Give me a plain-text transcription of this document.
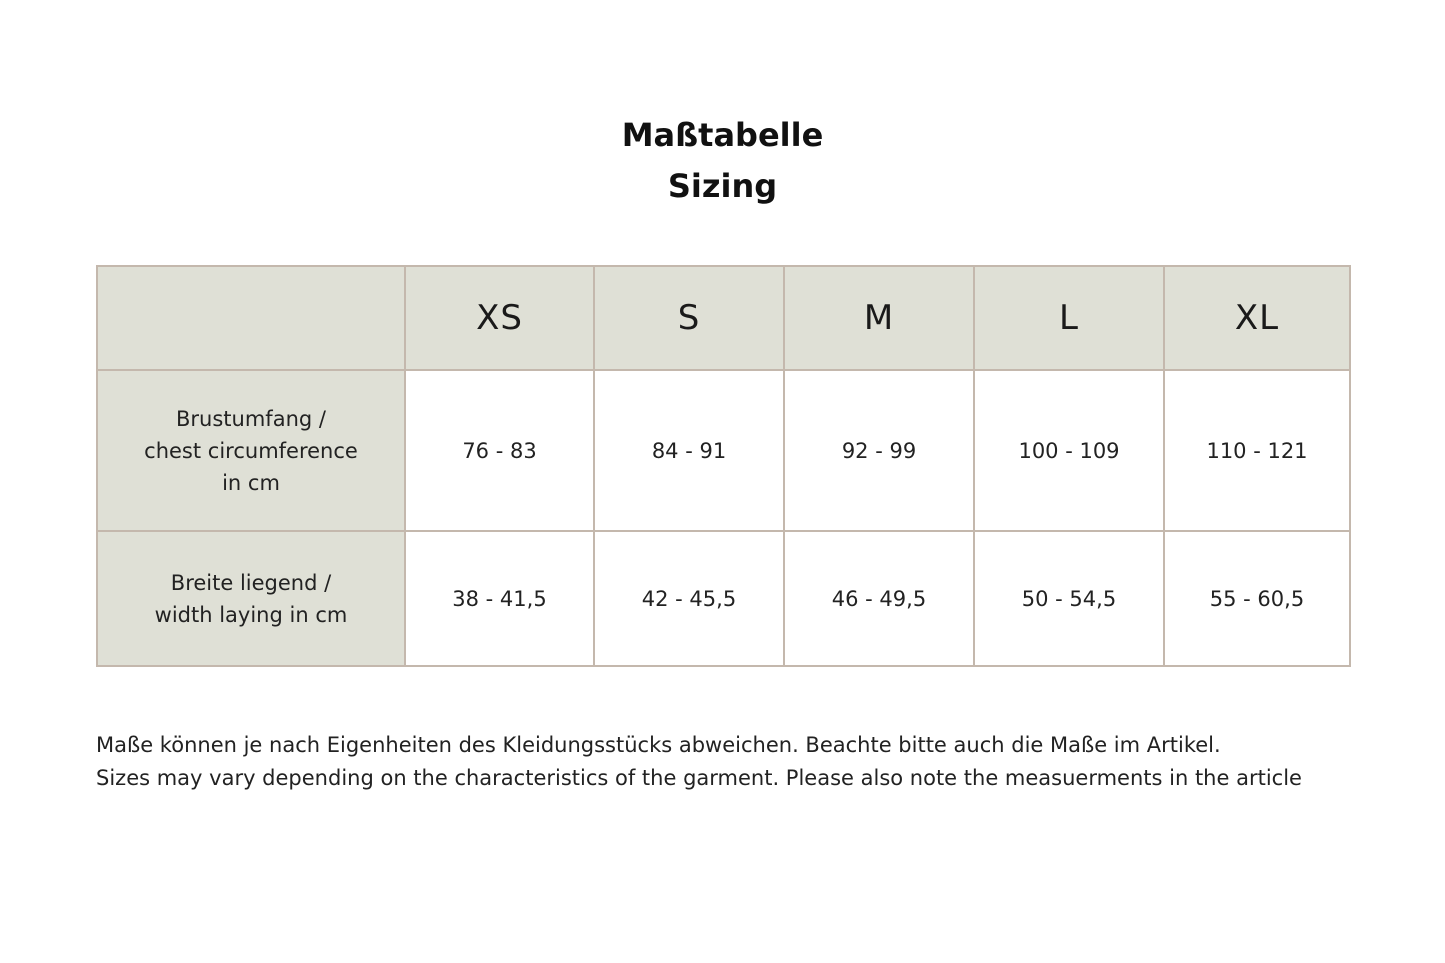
Maßtabelle
Sizing
	XS	S	M	L	XL

Brustumfang /
chest circumference
in cm	76 - 83	84 - 91	92 - 99	100 - 109	110 - 121

Breite liegend /
width laying in cm	38 - 41,5	42 - 45,5	46 - 49,5	50 - 54,5	55 - 60,5
Maße können je nach Eigenheiten des Kleidungsstücks abweichen. Beachte bitte auch die Maße im Artikel.
Sizes may vary depending on the characteristics of the garment. Please also note the measuerments in the article
